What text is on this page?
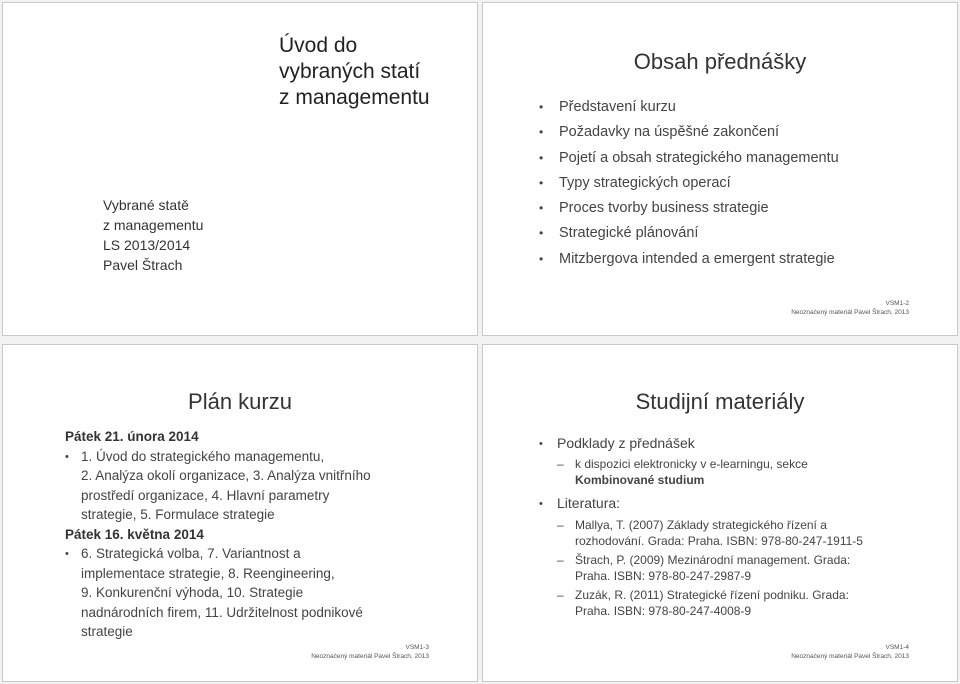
Úvod do
vybraných statí
z managementu
Vybrané statě
z managementu
LS 2013/2014
Pavel Štrach
Obsah přednášky
• Představení kurzu
• Požadavky na úspěšné zakončení
• Pojetí a obsah strategického managementu
• Typy strategických operací
• Proces tvorby business strategie
• Strategické plánování
• Mitzbergova intended a emergent strategie
VSM1-2
Neoznačený materiál Pavel Štrach, 2013
Plán kurzu
Pátek 21. února 2014
• 1. Úvod do strategického managementu,
2. Analýza okolí organizace, 3. Analýza vnitřního
prostředí organizace, 4. Hlavní parametry
strategie, 5. Formulace strategie
Pátek 16. května 2014
• 6. Strategická volba, 7. Variantnost a
implementace strategie, 8. Reengineering,
9. Konkurenční výhoda, 10. Strategie
nadnárodních firem, 11. Udržitelnost podnikové
strategie
VSM1-3
Neoznačený materiál Pavel Štrach, 2013
Studijní materiály
• Podklady z přednášek
– k dispozici elektronicky v e-learningu, sekce
Kombinované studium
• Literatura:
– Mallya, T. (2007) Základy strategického řízení a
rozhodování. Grada: Praha. ISBN: 978-80-247-1911-5
– Štrach, P. (2009) Mezinárodní management. Grada:
Praha. ISBN: 978-80-247-2987-9
– Zuzák, R. (2011) Strategické řízení podniku. Grada:
Praha. ISBN: 978-80-247-4008-9
VSM1-4
Neoznačený materiál Pavel Štrach, 2013
